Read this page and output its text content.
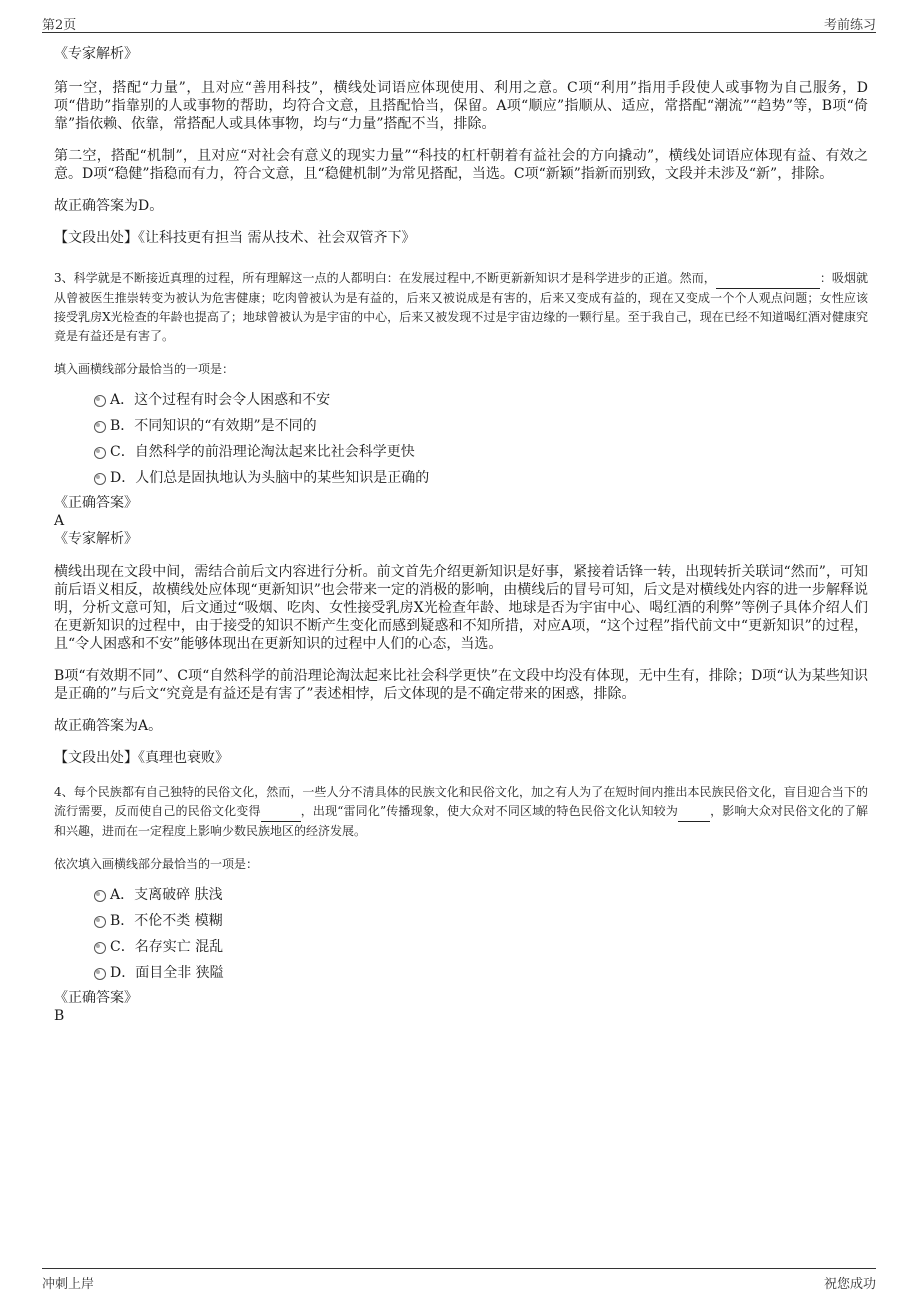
第2页	考前练习
《专家解析》

第一空，搭配“力量”，且对应“善用科技”，横线处词语应体现使用、利用之意。C项“利用”指用手段使人或事物为自己服务，D项“借助”指靠别的人或事物的帮助，均符合文意，且搭配恰当，保留。A项“顺应”指顺从、适应，常搭配“潮流”“趋势”等，B项“倚靠”指依赖、依靠，常搭配人或具体事物，均与“力量”搭配不当，排除。

第二空，搭配“机制”，且对应“对社会有意义的现实力量”“科技的杠杆朝着有益社会的方向撬动”，横线处词语应体现有益、有效之意。D项“稳健”指稳而有力，符合文意，且“稳健机制”为常见搭配，当选。C项“新颖”指新而别致，文段并未涉及“新”，排除。

故正确答案为D。

【文段出处】《让科技更有担当 需从技术、社会双管齐下》

3、科学就是不断接近真理的过程，所有理解这一点的人都明白：在发展过程中,不断更新新知识才是科学进步的正道。然而，	：吸烟就从曾被医生推崇转变为被认为危害健康；吃肉曾被认为是有益的，后来又被说成是有害的，后来又变成有益的，现在又变成一个个人观点问题；女性应该接受乳房X光检查的年龄也提高了；地球曾被认为是宇宙的中心，后来又被发现不过是宇宙边缘的一颗行星。至于我自己，现在已经不知道喝红酒对健康究竟是有益还是有害了。

填入画横线部分最恰当的一项是：
A．这个过程有时会令人困惑和不安
B．不同知识的“有效期”是不同的
C．自然科学的前沿理论淘汰起来比社会科学更快
D．人们总是固执地认为头脑中的某些知识是正确的
《正确答案》
A
《专家解析》

横线出现在文段中间，需结合前后文内容进行分析。前文首先介绍更新知识是好事，紧接着话锋一转，出现转折关联词“然而”，可知前后语义相反，故横线处应体现“更新知识”也会带来一定的消极的影响，由横线后的冒号可知，后文是对横线处内容的进一步解释说明，分析文意可知，后文通过“吸烟、吃肉、女性接受乳房X光检查年龄、地球是否为宇宙中心、喝红酒的利弊”等例子具体介绍人们在更新知识的过程中，由于接受的知识不断产生变化而感到疑惑和不知所措，对应A项，“这个过程”指代前文中“更新知识”的过程，且“令人困惑和不安”能够体现出在更新知识的过程中人们的心态，当选。

B项“有效期不同”、C项“自然科学的前沿理论淘汰起来比社会科学更快”在文段中均没有体现，无中生有，排除；D项“认为某些知识是正确的”与后文“究竟是有益还是有害了”表述相悖，后文体现的是不确定带来的困惑，排除。

故正确答案为A。

【文段出处】《真理也衰败》

4、每个民族都有自己独特的民俗文化，然而，一些人分不清具体的民族文化和民俗文化，加之有人为了在短时间内推出本民族民俗文化，盲目迎合当下的流行需要，反而使自己的民俗文化变得	，出现“雷同化”传播现象，使大众对不同区域的特色民俗文化认知较为	，影响大众对民俗文化的了解和兴趣，进而在一定程度上影响少数民族地区的经济发展。

依次填入画横线部分最恰当的一项是：
A．支离破碎 肤浅
B．不伦不类 模糊
C．名存实亡 混乱
D．面目全非 狭隘
《正确答案》
B
冲刺上岸	祝您成功
